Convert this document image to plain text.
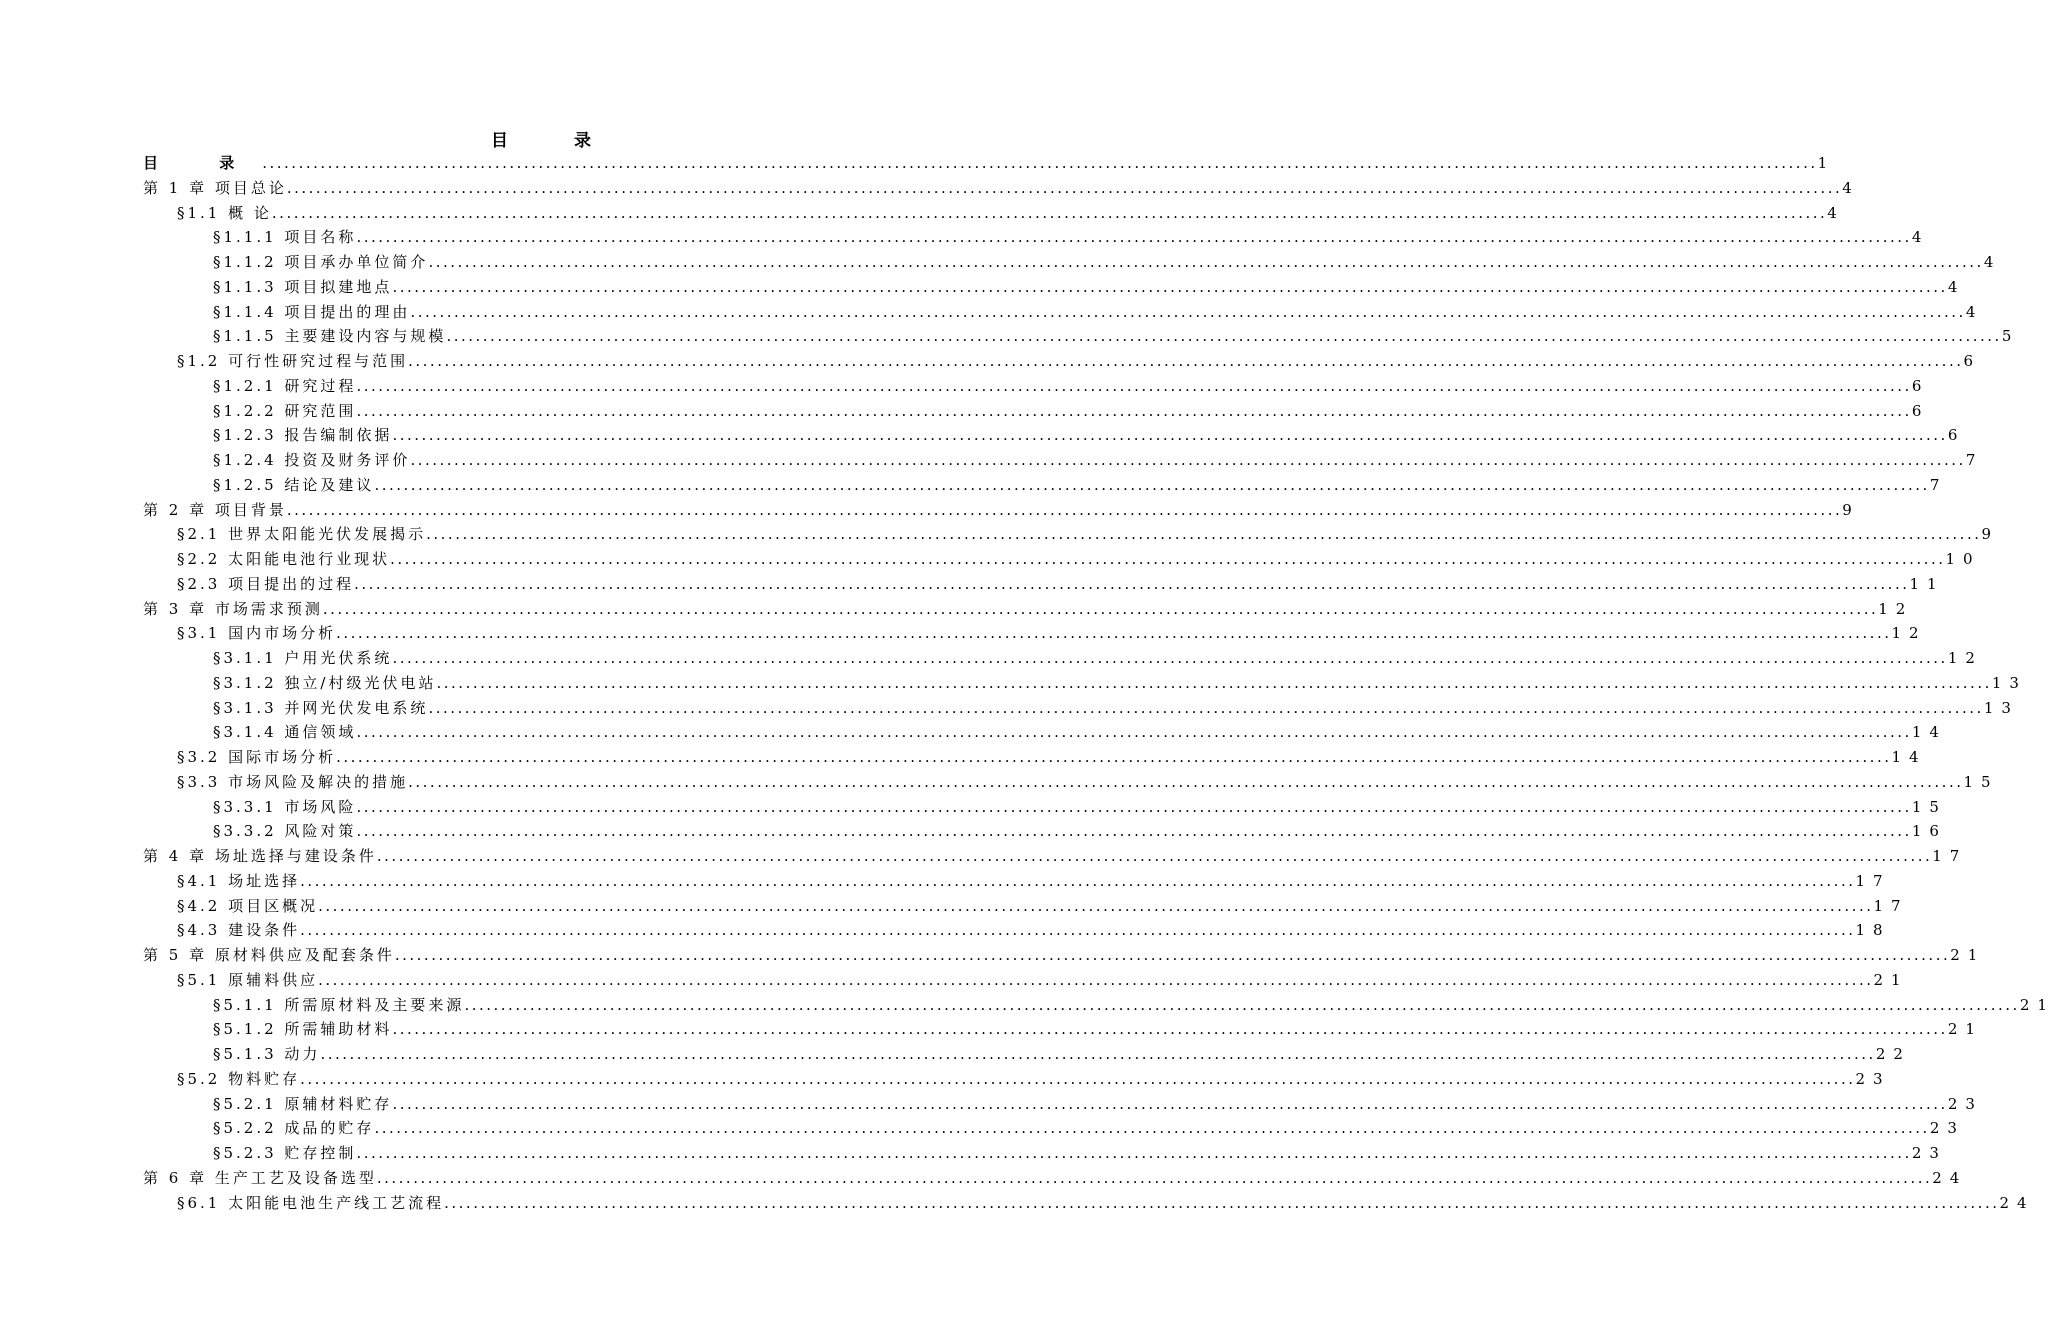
目 录
目 录 ...................................................................................................................................................................................................................... 1
第 1 章 项目总论 ...................................................................................................................................................................................................................... 4
§1.1 概 论 ...................................................................................................................................................................................................................... 4
§1.1.1 项目名称 ...................................................................................................................................................................................................................... 4
§1.1.2 项目承办单位简介 ...................................................................................................................................................................................................................... 4
§1.1.3 项目拟建地点 ...................................................................................................................................................................................................................... 4
§1.1.4 项目提出的理由 ...................................................................................................................................................................................................................... 4
§1.1.5 主要建设内容与规模 ...................................................................................................................................................................................................................... 5
§1.2 可行性研究过程与范围 ...................................................................................................................................................................................................................... 6
§1.2.1 研究过程 ...................................................................................................................................................................................................................... 6
§1.2.2 研究范围 ...................................................................................................................................................................................................................... 6
§1.2.3 报告编制依据 ...................................................................................................................................................................................................................... 6
§1.2.4 投资及财务评价 ...................................................................................................................................................................................................................... 7
§1.2.5 结论及建议 ...................................................................................................................................................................................................................... 7
第 2 章 项目背景 ...................................................................................................................................................................................................................... 9
§2.1 世界太阳能光伏发展揭示 ...................................................................................................................................................................................................................... 9
§2.2 太阳能电池行业现状 ...................................................................................................................................................................................................................... 10
§2.3 项目提出的过程 ...................................................................................................................................................................................................................... 11
第 3 章 市场需求预测 ...................................................................................................................................................................................................................... 12
§3.1 国内市场分析 ...................................................................................................................................................................................................................... 12
§3.1.1 户用光伏系统 ...................................................................................................................................................................................................................... 12
§3.1.2 独立/村级光伏电站 ...................................................................................................................................................................................................................... 13
§3.1.3 并网光伏发电系统 ...................................................................................................................................................................................................................... 13
§3.1.4 通信领域 ...................................................................................................................................................................................................................... 14
§3.2 国际市场分析 ...................................................................................................................................................................................................................... 14
§3.3 市场风险及解决的措施 ...................................................................................................................................................................................................................... 15
§3.3.1 市场风险 ...................................................................................................................................................................................................................... 15
§3.3.2 风险对策 ...................................................................................................................................................................................................................... 16
第 4 章 场址选择与建设条件 ...................................................................................................................................................................................................................... 17
§4.1 场址选择 ...................................................................................................................................................................................................................... 17
§4.2 项目区概况 ...................................................................................................................................................................................................................... 17
§4.3 建设条件 ...................................................................................................................................................................................................................... 18
第 5 章 原材料供应及配套条件 ...................................................................................................................................................................................................................... 21
§5.1 原辅料供应 ...................................................................................................................................................................................................................... 21
§5.1.1 所需原材料及主要来源 ...................................................................................................................................................................................................................... 21
§5.1.2 所需辅助材料 ...................................................................................................................................................................................................................... 21
§5.1.3 动力 ...................................................................................................................................................................................................................... 22
§5.2 物料贮存 ...................................................................................................................................................................................................................... 23
§5.2.1 原辅材料贮存 ...................................................................................................................................................................................................................... 23
§5.2.2 成品的贮存 ...................................................................................................................................................................................................................... 23
§5.2.3 贮存控制 ...................................................................................................................................................................................................................... 23
第 6 章 生产工艺及设备选型 ...................................................................................................................................................................................................................... 24
§6.1 太阳能电池生产线工艺流程 ...................................................................................................................................................................................................................... 24
